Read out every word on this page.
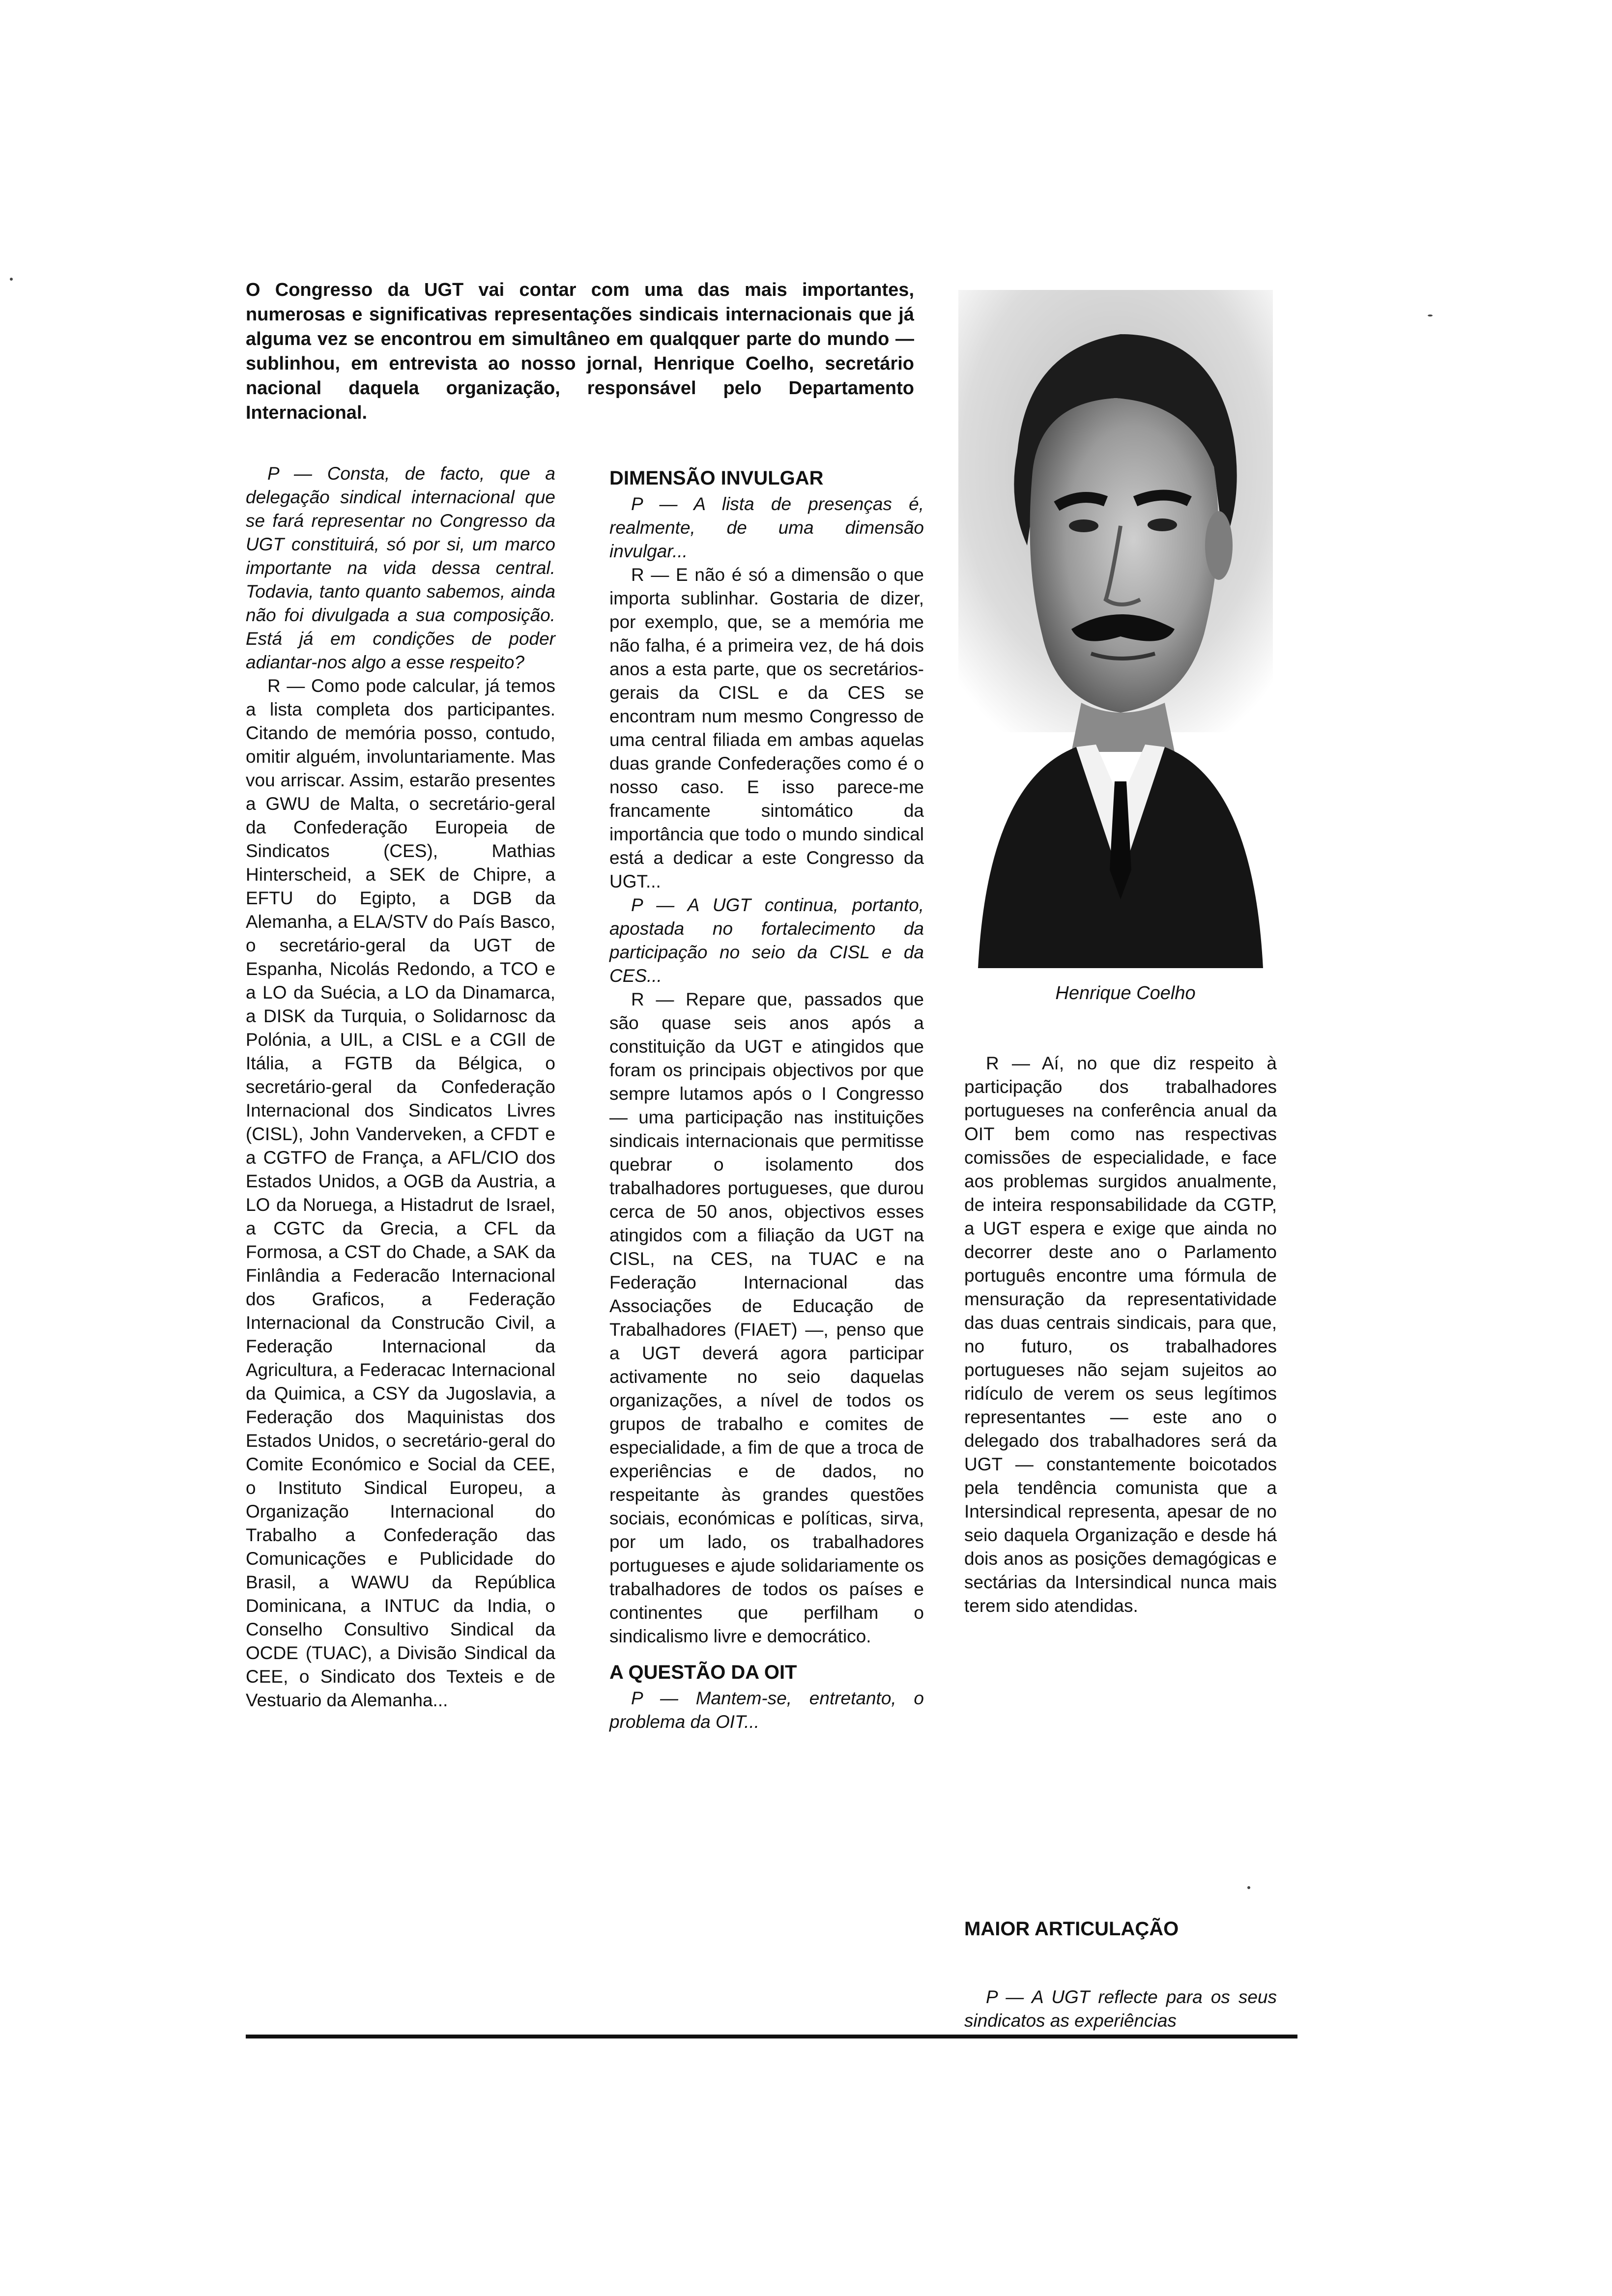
O Congresso da UGT vai contar com uma das mais importantes, numerosas e significativas representações sindicais internacionais que já alguma vez se encontrou em simultâneo em qualqquer parte do mundo — sublinhou, em entrevista ao nosso jornal, Henrique Coelho, secretário nacional daquela organização, responsável pelo Departamento Internacional.

P — Consta, de facto, que a delegação sindical internacional que se fará representar no Congresso da UGT constituirá, só por si, um marco importante na vida dessa central. Todavia, tanto quanto sabemos, ainda não foi divulgada a sua composição. Está já em condições de poder adiantar-nos algo a esse respeito?

R — Como pode calcular, já temos a lista completa dos participantes. Citando de memória posso, contudo, omitir alguém, involuntariamente. Mas vou arriscar. Assim, estarão presentes a GWU de Malta, o secretário-geral da Confederação Europeia de Sindicatos (CES), Mathias Hinterscheid, a SEK de Chipre, a EFTU do Egipto, a DGB da Alemanha, a ELA/STV do País Basco, o secretário-geral da UGT de Espanha, Nicolás Redondo, a TCO e a LO da Suécia, a LO da Dinamarca, a DISK da Turquia, o Solidarnosc da Polónia, a UIL, a CISL e a CGIl de Itália, a FGTB da Bélgica, o secretário-geral da Confederação Internacional dos Sindicatos Livres (CISL), John Vanderveken, a CFDT e a CGTFO de França, a AFL/CIO dos Estados Unidos, a OGB da Austria, a LO da Noruega, a Histadrut de Israel, a CGTC da Grecia, a CFL da Formosa, a CST do Chade, a SAK da Finlândia a Federacão Internacional dos Graficos, a Federação Internacional da Construcão Civil, a Federação Internacional da Agricultura, a Federacac Internacional da Quimica, a CSY da Jugoslavia, a Federação dos Maquinistas dos Estados Unidos, o secretário-geral do Comite Económico e Social da CEE, o Instituto Sindical Europeu, a Organização Internacional do Trabalho a Confederação das Comunicações e Publicidade do Brasil, a WAWU da República Dominicana, a INTUC da India, o Conselho Consultivo Sindical da OCDE (TUAC), a Divisão Sindical da CEE, o Sindicato dos Texteis e de Vestuario da Alemanha...

DIMENSÃO INVULGAR

P — A lista de presenças é, realmente, de uma dimensão invulgar...

R — E não é só a dimensão o que importa sublinhar. Gostaria de dizer, por exemplo, que, se a memória me não falha, é a primeira vez, de há dois anos a esta parte, que os secretários-gerais da CISL e da CES se encontram num mesmo Congresso de uma central filiada em ambas aquelas duas grande Confederações como é o nosso caso. E isso parece-me francamente sintomático da importância que todo o mundo sindical está a dedicar a este Congresso da UGT...

P — A UGT continua, portanto, apostada no fortalecimento da participação no seio da CISL e da CES...

R — Repare que, passados que são quase seis anos após a constituição da UGT e atingidos que foram os principais objectivos por que sempre lutamos após o I Congresso — uma participação nas instituições sindicais internacionais que permitisse quebrar o isolamento dos trabalhadores portugueses, que durou cerca de 50 anos, objectivos esses atingidos com a filiação da UGT na CISL, na CES, na TUAC e na Federação Internacional das Associações de Educação de Trabalhadores (FIAET) —, penso que a UGT deverá agora participar activamente no seio daquelas organizações, a nível de todos os grupos de trabalho e comites de especialidade, a fim de que a troca de experiências e de dados, no respeitante às grandes questões sociais, económicas e políticas, sirva, por um lado, os trabalhadores portugueses e ajude solidariamente os trabalhadores de todos os países e continentes que perfilham o sindicalismo livre e democrático.

A QUESTÃO DA OIT

P — Mantem-se, entretanto, o problema da OIT...

Henrique Coelho

R — Aí, no que diz respeito à participação dos trabalhadores portugueses na conferência anual da OIT bem como nas respectivas comissões de especialidade, e face aos problemas surgidos anualmente, de inteira responsabilidade da CGTP, a UGT espera e exige que ainda no decorrer deste ano o Parlamento português encontre uma fórmula de mensuração da representatividade das duas centrais sindicais, para que, no futuro, os trabalhadores portugueses não sejam sujeitos ao ridículo de verem os seus legítimos representantes — este ano o delegado dos trabalhadores será da UGT — constantemente boicotados pela tendência comunista que a Intersindical representa, apesar de no seio daquela Organização e desde há dois anos as posições demagógicas e sectárias da Intersindical nunca mais terem sido atendidas.

MAIOR ARTICULAÇÃO

P — A UGT reflecte para os seus sindicatos as experiências
